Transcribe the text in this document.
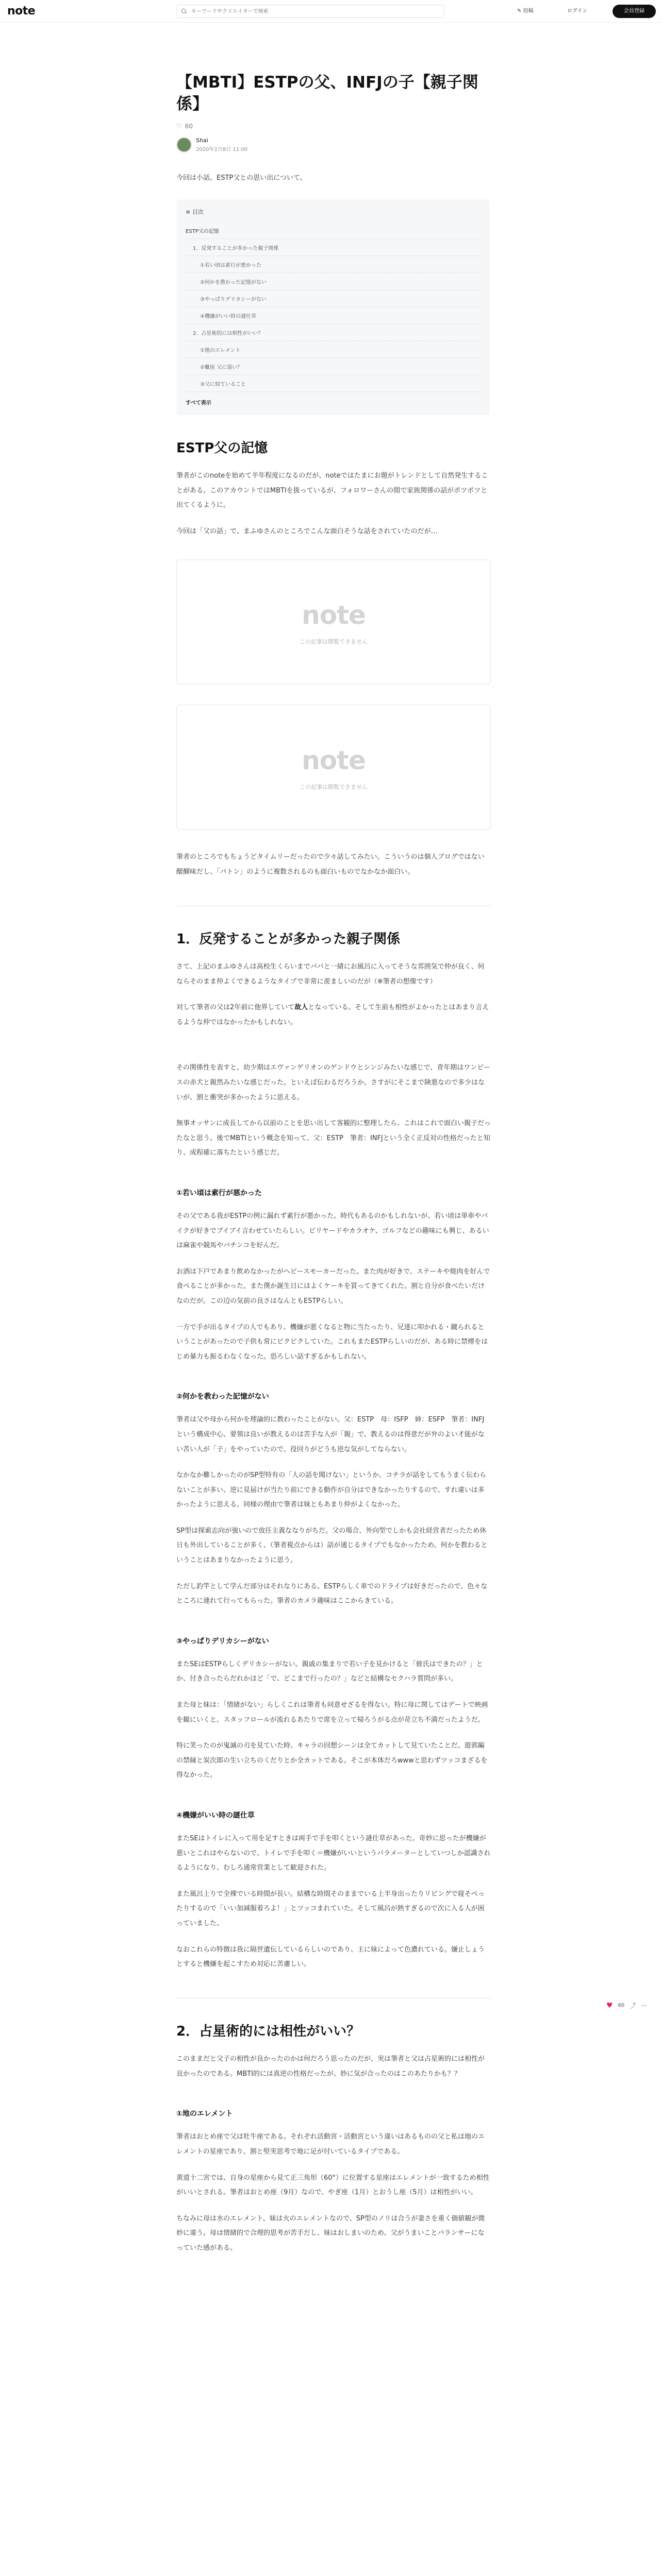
note
キーワードやクリエイターで検索	✎ 投稿	ログイン	会員登録
【MBTI】ESTPの父、INFJの子【親子関係】
♡ 60
Shai
2020年2月8日 11:00
今回は小話。ESTP父との思い出について。
≡ 目次
ESTP父の記憶
1．反発することが多かった親子関係
①若い頃は素行が悪かった
②何かを教わった記憶がない
③やっぱりデリカシーがない
④機嫌がいい時の謎仕草
2．占星術的には相性がいい？
①地のエレメント
②蠍座 父に弱い？
③父に似ていること
すべて表示
ESTP父の記憶

筆者がこのnoteを始めて半年程度になるのだが、noteではたまにお題がトレンドとして自然発生することがある。このアカウントではMBTIを扱っているが、フォロワーさんの間で家族関係の話がポツポツと出てくるように。

今回は「父の話」で、まふゆさんのところでこんな面白そうな話をされていたのだが…

note
この記事は閲覧できません
note
この記事は閲覧できません

筆者のところでもちょうどタイムリーだったので少々話してみたい。こういうのは個人ブログではない醍醐味だし、「バトン」のように複数されるのも面白いものでなかなか面白い。

1．反発することが多かった親子関係

さて、上記のまふゆさんは高校生くらいまでパパと一緒にお風呂に入ってそうな雰囲気で仲が良く、何ならそのまま仲よくできるようなタイプで非常に羨ましいのだが（※筆者の想像です）

対して筆者の父は2年前に他界していて故人となっている。そして生前も相性がよかったとはあまり言えるような仲ではなかったかもしれない。

その関係性を表すと、幼少期はエヴァンゲリオンのゲンドウとシンジみたいな感じで、青年期はワンピースの赤犬と親然みたいな感じだった。といえば伝わるだろうか。さすがにそこまで険悪なので多少はないが、割と衝突が多かったように思える。

無事オッサンに成長してから以前のことを思い出して客観的に整理したら、これはこれで面白い親子だったなと思う。後でMBTIという概念を知って、父：ESTP　筆者：INFJという全く正反対の性格だったと知り、成程確に落ちたという感じだ。

①若い頃は素行が悪かった

その父である我がESTPの例に漏れず素行が悪かった。時代もあるのかもしれないが、若い頃は単車やバイクが好きでブイブイ言わせていたらしい。ビリヤードやカラオケ、ゴルフなどの趣味にも興じ、あるいは麻雀や競馬やパチンコを好んだ。

お酒は下戸であまり飲めなかったがヘビースモーカーだった。また肉が好きで、ステーキや焼肉を好んで食べることが多かった。また僕か誕生日にはよくケーキを買ってきてくれた。割と自分が食べたいだけなのだが。この辺の気前の良さはなんともESTPらしい。

一方で手が出るタイプの人でもあり、機嫌が悪くなると物に当たったり、兄達に叩かれる・蹴られるということがあったので子供も常にビクビクしていた。これもまたESTPらしいのだが、ある時に禁煙をはじめ暴力も振るわなくなった。恐ろしい話すぎるかもしれない。

②何かを教わった記憶がない

筆者は父や母から何かを理論的に教わったことがない。父：ESTP　母：ISFP　姉：ESFP　筆者：INFJ　という構成中心、要領は良いが教えるのは苦手な人が「親」で、教えるのは得意だが弁のよい才能がない苦い人が「子」をやっていたので、役回りがどうも逆な気がしてならない。

なかなか難しかったのがSP型特有の「人の話を聞けない」というか、コチラが話をしてもうまく伝わらないことが多い、逆に見届けが当たり前にできる動作が自分はできなかったりするので、すれ違いは多かったように思える。同様の理由で筆者は妹ともあまり仲がよくなかった。

SP型は探索志向が強いので放任主義ななりがちだ。父の場合、外向型でしかも会社経営者だったため休日も外出していることが多く、（筆者視点からは）話が通じるタイプでもなかったため、何かを教わるということはあまりなかったように思う。

ただし釣竿として学んだ部分はそれなりにある。ESTPらしく車でのドライブは好きだったので、色々なところに連れて行ってもらった。筆者のカメラ趣味はここからきている。

③やっぱりデリカシーがない

またSEはESTPらしくデリカシーがない。親戚の集まりで若い子を見かけると「彼氏はできたの？」とか、付き合ったらだれかほど「で、どこまで行ったの？」などと結構なセクハラ質問が多い。

また母と妹は：「情緒がない」らしくこれは筆者も同意せざるを得ない。特に母に関してはデートで映画を観にいくと、スタッフロールが流れるあたりで席を立って帰ろうがる点が苛立ち不満だったようだ。

特に笑ったのが鬼滅の刃を見ていた時、キャラの回想シーンは全てカットして見ていたことだ。遊郭編の禁縁と炭次郎の生い立ちのくだりとか全カットである。そこが本体だろwwwと思わずツッコまざるを得なかった。

④機嫌がいい時の謎仕草

またSEはトイレに入って用を足すときは両手で手を叩くという謎仕草があった。奇妙に思ったが機嫌が悪いとこれはやらないので、トイレで手を叩く＝機嫌がいいというパラメーターとしていつしか認識されるようになり、むしろ通常営業として歓迎された。

また風呂上りで全裸でいる時間が長い。結構な時間そのままでいる上半身出ったりリビングで寝そべったりするので「いい加減服着ろよ！」とツッコまれていた。そして風呂が熱すぎるので次に入る人が困っていました。

なおこれらの特徴は我に隔世遺伝しているらしいのであり、主に妹によって色濃れている。嫌止しょうとすると機嫌を起こすため対応に苦慮しい。

2．占星術的には相性がいい？

このままだと父子の相性が良かったのかは何だろう思ったのだが、実は筆者と父は占星術的には相性が良かったのである。MBTI的には真逆の性格だったが、妙に気が合ったのはこのあたりかも？？

①地のエレメント

筆者はおとめ座で父は牡牛座である。それぞれ活動宮・活動宮という違いはあるものの父と私は地のエレメントの星座であり、割と堅実思考で地に足が付いているタイプである。

黄道十二宮では、自身の星座から見て正三角形（60°）に位置する星座はエレメントが一致するため相性がいいとされる。筆者はおとめ座（9月）なので、やぎ座（1月）とおうし座（5月）は相性がいい。

ちなみに母は水のエレメント、妹は火のエレメントなので、SP型のノリは合うが妻さを重く価値観が微妙に違う。母は情緒的で合理的思考が苦手だし、妹はおしまいのため、父がうまいことバランサーになっていた感がある。

♥ 60 ⤴ ···
